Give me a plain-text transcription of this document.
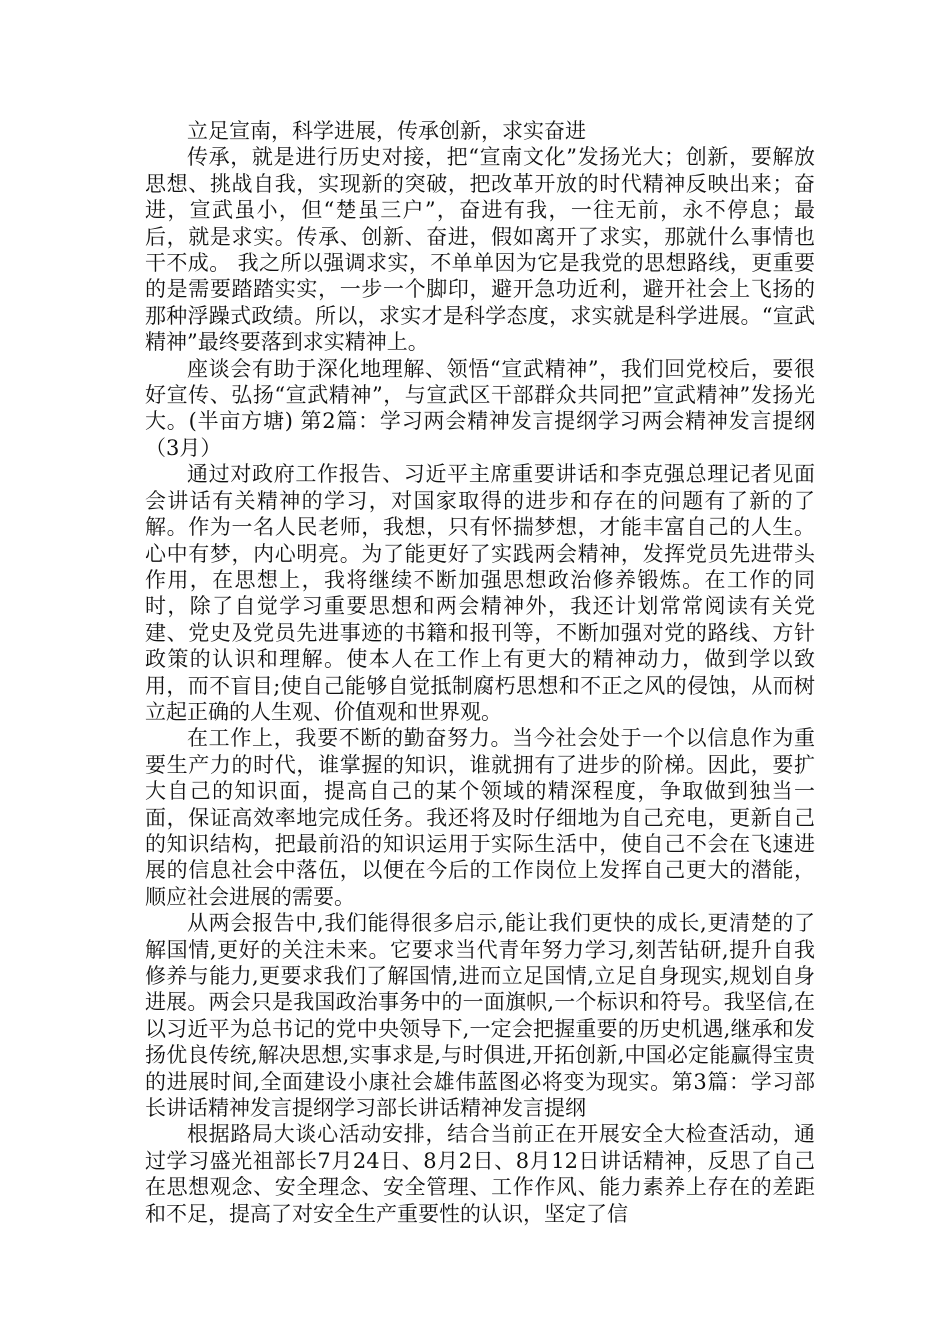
立足宣南，科学进展，传承创新，求实奋进

传承，就是进行历史对接，把“宣南文化”发扬光大；创新，要解放思想、挑战自我，实现新的突破，把改革开放的时代精神反映出来；奋进，宣武虽小，但“楚虽三户”，奋进有我，一往无前，永不停息；最后，就是求实。传承、创新、奋进，假如离开了求实，那就什么事情也干不成。 我之所以强调求实，不单单因为它是我党的思想路线，更重要的是需要踏踏实实，一步一个脚印，避开急功近利，避开社会上飞扬的那种浮躁式政绩。所以，求实才是科学态度，求实就是科学进展。“宣武精神”最终要落到求实精神上。

座谈会有助于深化地理解、领悟“宣武精神”，我们回党校后，要很好宣传、弘扬“宣武精神”，与宣武区干部群众共同把”宣武精神”发扬光大。(半亩方塘) 第2篇：学习两会精神发言提纲学习两会精神发言提纲（3月）

通过对政府工作报告、习近平主席重要讲话和李克强总理记者见面会讲话有关精神的学习，对国家取得的进步和存在的问题有了新的了解。作为一名人民老师，我想，只有怀揣梦想，才能丰富自己的人生。心中有梦，内心明亮。为了能更好了实践两会精神，发挥党员先进带头作用，在思想上，我将继续不断加强思想政治修养锻炼。在工作的同时，除了自觉学习重要思想和两会精神外，我还计划常常阅读有关党建、党史及党员先进事迹的书籍和报刊等，不断加强对党的路线、方针政策的认识和理解。使本人在工作上有更大的精神动力，做到学以致用，而不盲目;使自己能够自觉抵制腐朽思想和不正之风的侵蚀，从而树立起正确的人生观、价值观和世界观。

在工作上，我要不断的勤奋努力。当今社会处于一个以信息作为重要生产力的时代，谁掌握的知识，谁就拥有了进步的阶梯。因此，要扩大自己的知识面，提高自己的某个领域的精深程度，争取做到独当一面，保证高效率地完成任务。我还将及时仔细地为自己充电，更新自己的知识结构，把最前沿的知识运用于实际生活中，使自己不会在飞速进展的信息社会中落伍，以便在今后的工作岗位上发挥自己更大的潜能，顺应社会进展的需要。

从两会报告中,我们能得很多启示,能让我们更快的成长,更清楚的了解国情,更好的关注未来。它要求当代青年努力学习,刻苦钻研,提升自我修养与能力,更要求我们了解国情,进而立足国情,立足自身现实,规划自身进展。两会只是我国政治事务中的一面旗帜,一个标识和符号。我坚信,在以习近平为总书记的党中央领导下,一定会把握重要的历史机遇,继承和发扬优良传统,解决思想,实事求是,与时俱进,开拓创新,中国必定能赢得宝贵的进展时间,全面建设小康社会雄伟蓝图必将变为现实。第3篇：学习部长讲话精神发言提纲学习部长讲话精神发言提纲

根据路局大谈心活动安排，结合当前正在开展安全大检查活动，通过学习盛光祖部长7月24日、8月2日、8月12日讲话精神，反思了自己在思想观念、安全理念、安全管理、工作作风、能力素养上存在的差距和不足，提高了对安全生产重要性的认识，坚定了信
